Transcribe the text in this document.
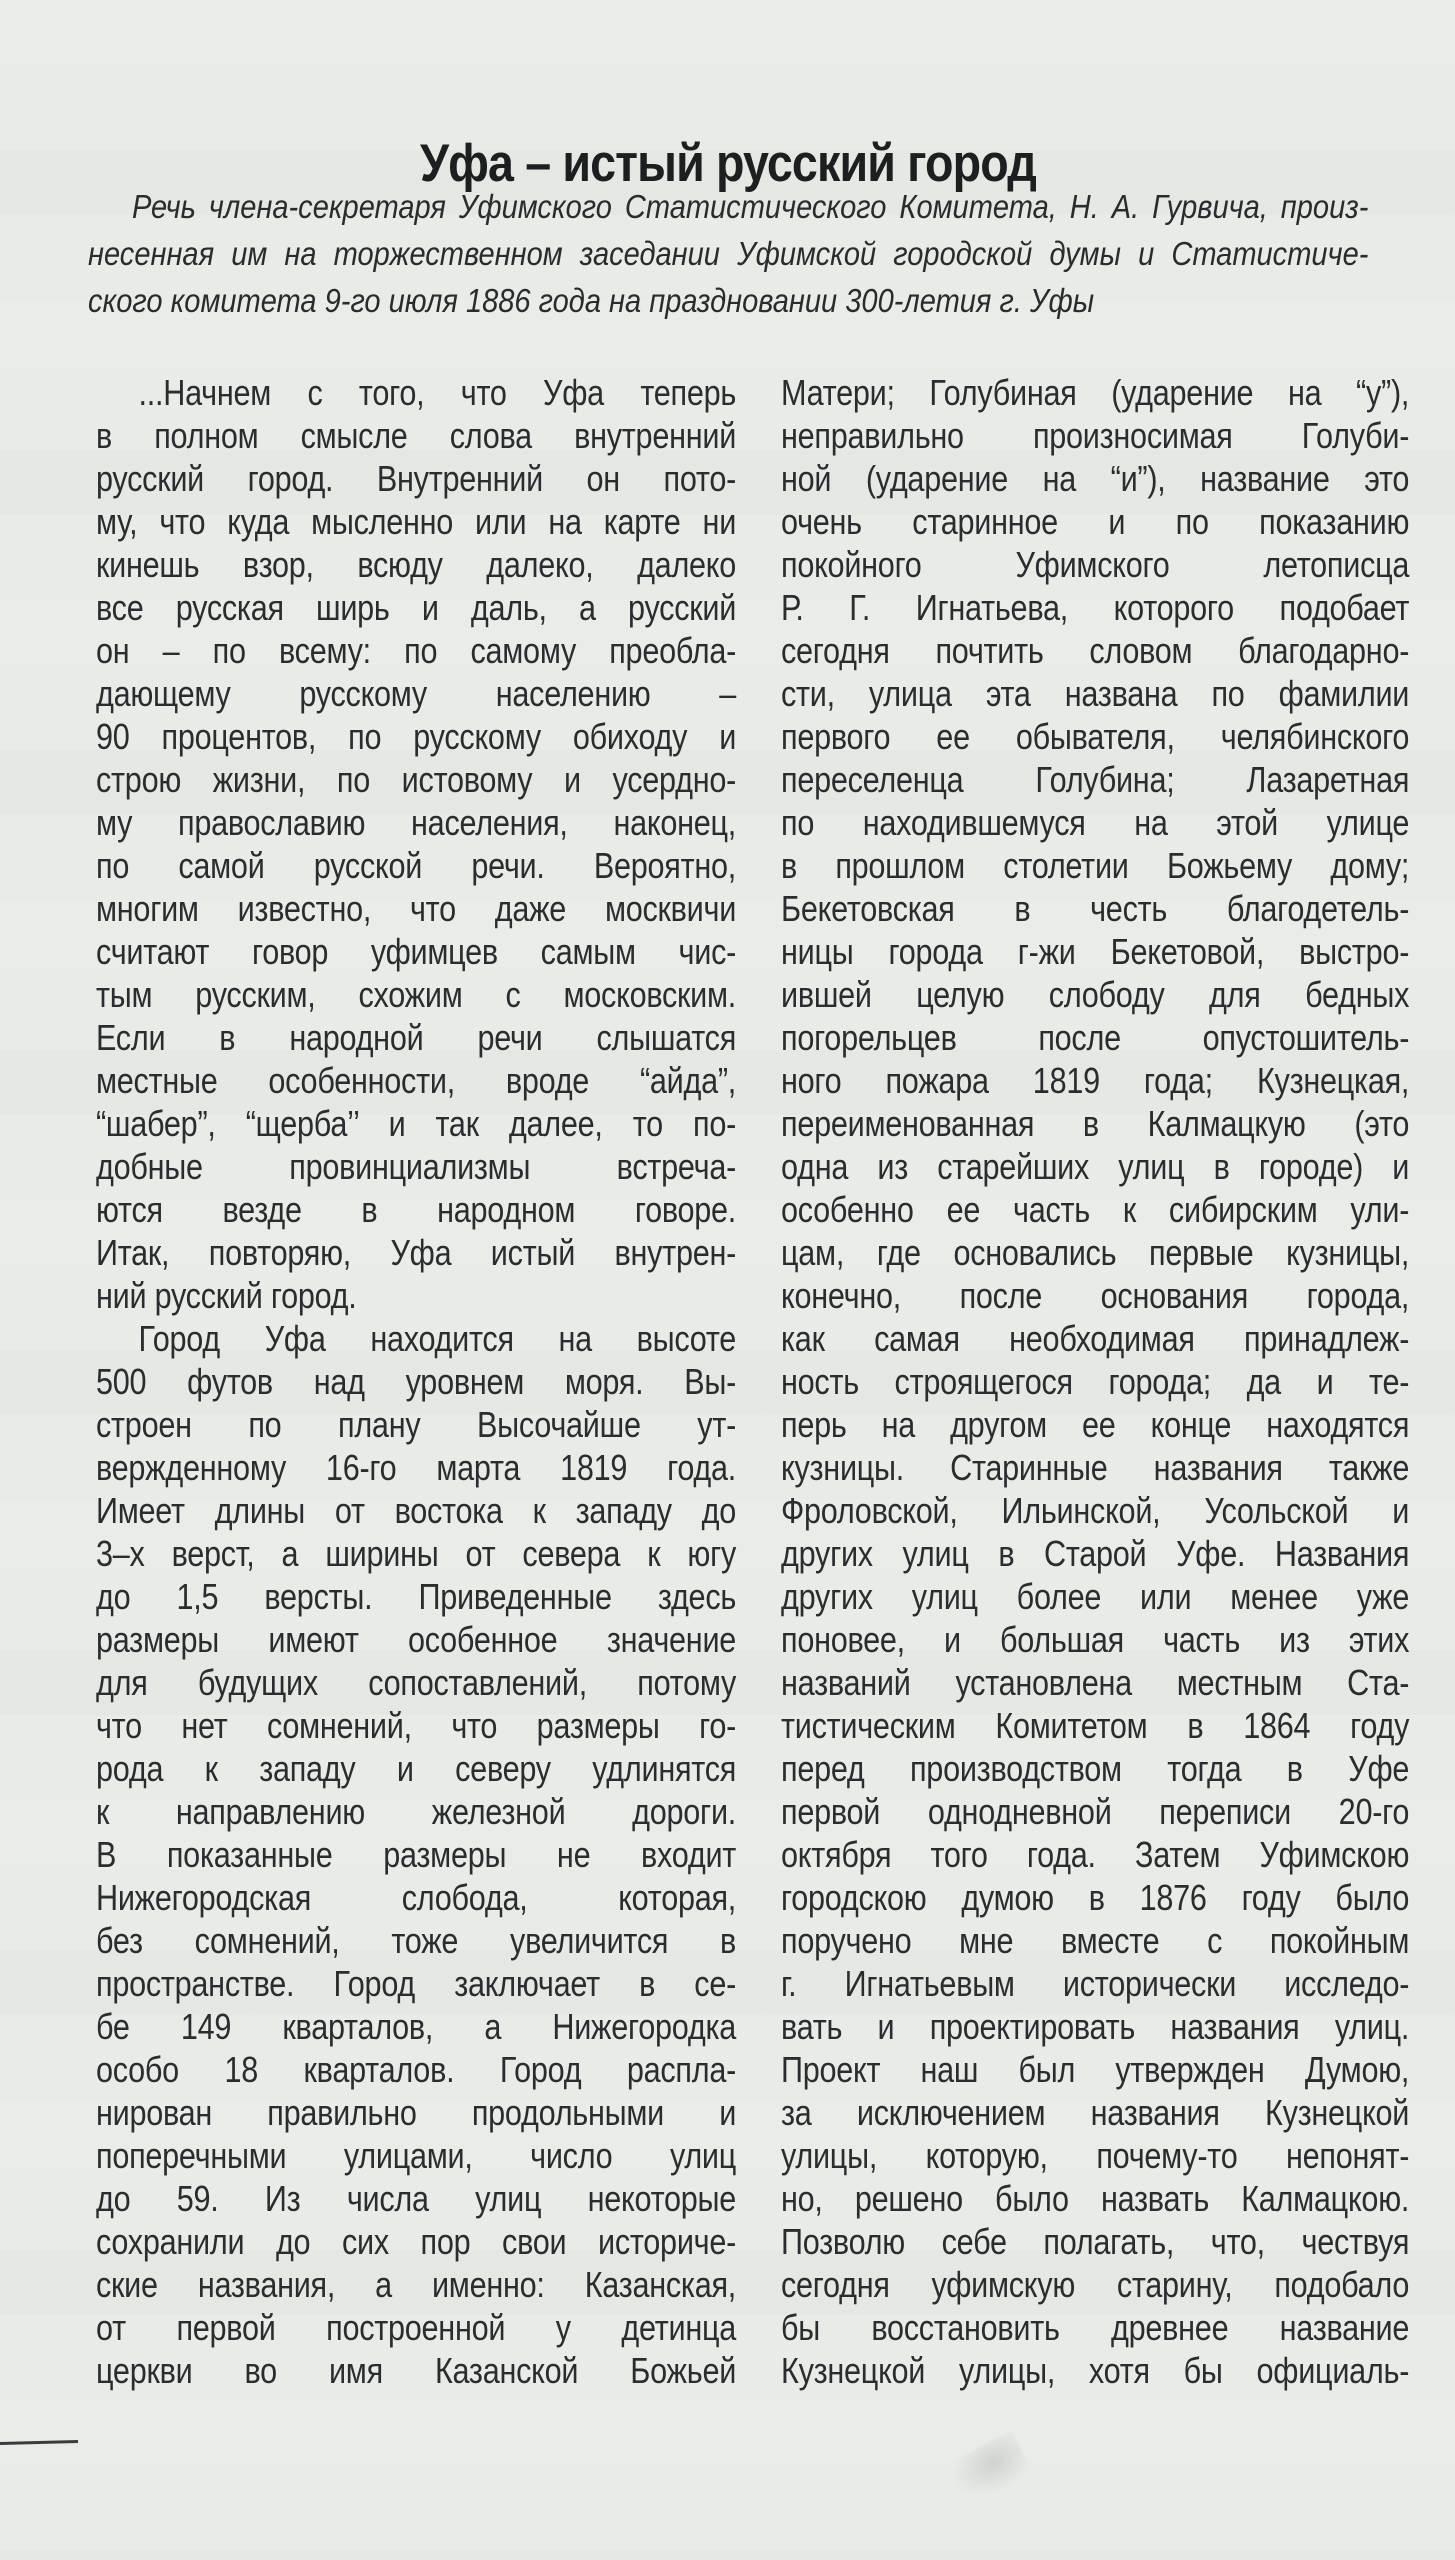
Уфа – истый русский город
Речь члена-секретаря Уфимского Статистического Комитета, Н. А. Гурвича, произ-
несенная им на торжественном заседании Уфимской городской думы и Статистиче-
ского комитета 9-го июля 1886 года на праздновании 300-летия г. Уфы
...Начнем с того, что Уфа теперь
в полном смысле слова внутренний
русский город. Внутренний он пото-
му, что куда мысленно или на карте ни
кинешь взор, всюду далеко, далеко
все русская ширь и даль, а русский
он – по всему: по самому преобла-
дающему русскому населению –
90 процентов, по русскому обиходу и
строю жизни, по истовому и усердно-
му православию населения, наконец,
по самой русской речи. Вероятно,
многим известно, что даже москвичи
считают говор уфимцев самым чис-
тым русским, схожим с московским.
Если в народной речи слышатся
местные особенности, вроде “айда”,
“шабер”, “щерба’’ и так далее, то по-
добные провинциализмы встреча-
ются везде в народном говоре.
Итак, повторяю, Уфа истый внутрен-
ний русский город.
Город Уфа находится на высоте
500 футов над уровнем моря. Вы-
строен по плану Высочайше ут-
вержденному 16-го марта 1819 года.
Имеет длины от востока к западу до
3–х верст, а ширины от севера к югу
до 1,5 версты. Приведенные здесь
размеры имеют особенное значение
для будущих сопоставлений, потому
что нет сомнений, что размеры го-
рода к западу и северу удлинятся
к направлению железной дороги.
В показанные размеры не входит
Нижегородская слобода, которая,
без сомнений, тоже увеличится в
пространстве. Город заключает в се-
бе 149 кварталов, а Нижегородка
особо 18 кварталов. Город распла-
нирован правильно продольными и
поперечными улицами, число улиц
до 59. Из числа улиц некоторые
сохранили до сих пор свои историче-
ские названия, а именно: Казанская,
от первой построенной у детинца
церкви во имя Казанской Божьей
Матери; Голубиная (ударение на “у”),
неправильно произносимая Голуби-
ной (ударение на “и”), название это
очень старинное и по показанию
покойного Уфимского летописца
Р. Г. Игнатьева, которого подобает
сегодня почтить словом благодарно-
сти, улица эта названа по фамилии
первого ее обывателя, челябинского
переселенца Голубина; Лазаретная
по находившемуся на этой улице
в прошлом столетии Божьему дому;
Бекетовская в честь благодетель-
ницы города г-жи Бекетовой, выстро-
ившей целую слободу для бедных
погорельцев после опустошитель-
ного пожара 1819 года; Кузнецкая,
переименованная в Калмацкую (это
одна из старейших улиц в городе) и
особенно ее часть к сибирским ули-
цам, где основались первые кузницы,
конечно, после основания города,
как самая необходимая принадлеж-
ность строящегося города; да и те-
перь на другом ее конце находятся
кузницы. Старинные названия также
Фроловской, Ильинской, Усольской и
других улиц в Старой Уфе. Названия
других улиц более или менее уже
поновее, и большая часть из этих
названий установлена местным Ста-
тистическим Комитетом в 1864 году
перед производством тогда в Уфе
первой однодневной переписи 20-го
октября того года. Затем Уфимскою
городскою думою в 1876 году было
поручено мне вместе с покойным
г. Игнатьевым исторически исследо-
вать и проектировать названия улиц.
Проект наш был утвержден Думою,
за исключением названия Кузнецкой
улицы, которую, почему-то непонят-
но, решено было назвать Калмацкою.
Позволю себе полагать, что, чествуя
сегодня уфимскую старину, подобало
бы восстановить древнее название
Кузнецкой улицы, хотя бы официаль-
